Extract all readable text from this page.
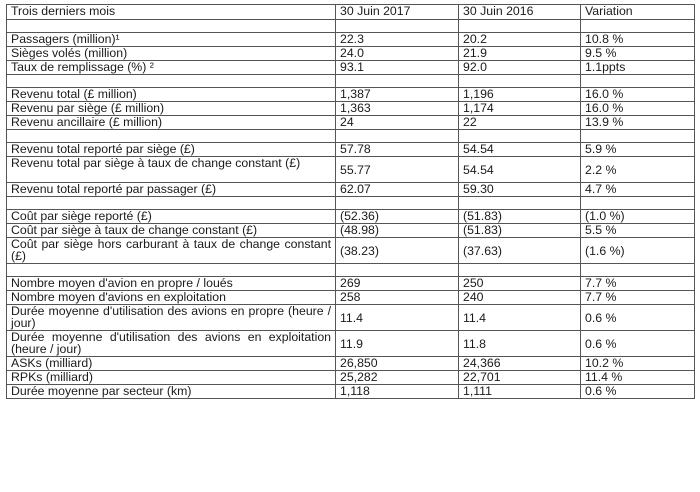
Trois derniers mois	30 Juin 2017	30 Juin 2016	Variation

Passagers (million)¹	22.3	20.2	10.8 %
Sièges volés (million)	24.0	21.9	9.5 %
Taux de remplissage (%) ²	93.1	92.0	1.1ppts

Revenu total (£ million)	1,387	1,196	16.0 %
Revenu par siège (£ million)	1,363	1,174	16.0 %
Revenu ancillaire (£ million)	24	22	13.9 %

Revenu total reporté par siège (£)	57.78	54.54	5.9 %
Revenu total par siège à taux de change constant (£)	55.77	54.54	2.2 %
Revenu total reporté par passager (£)	62.07	59.30	4.7 %

Coût par siège reporté (£)	(52.36)	(51.83)	(1.0 %)
Coût par siège à taux de change constant (£)	(48.98)	(51.83)	5.5 %
Coût par siège hors carburant à taux de change constant (£)	(38.23)	(37.63)	(1.6 %)

Nombre moyen d'avion en propre / loués	269	250	7.7 %
Nombre moyen d'avions en exploitation	258	240	7.7 %
Durée moyenne d'utilisation des avions en propre (heure / jour)	11.4	11.4	0.6 %
Durée moyenne d'utilisation des avions en exploitation (heure / jour)	11.9	11.8	0.6 %
ASKs (milliard)	26,850	24,366	10.2 %
RPKs (milliard)	25,282	22,701	11.4 %
Durée moyenne par secteur (km)	1,118	1,111	0.6 %
